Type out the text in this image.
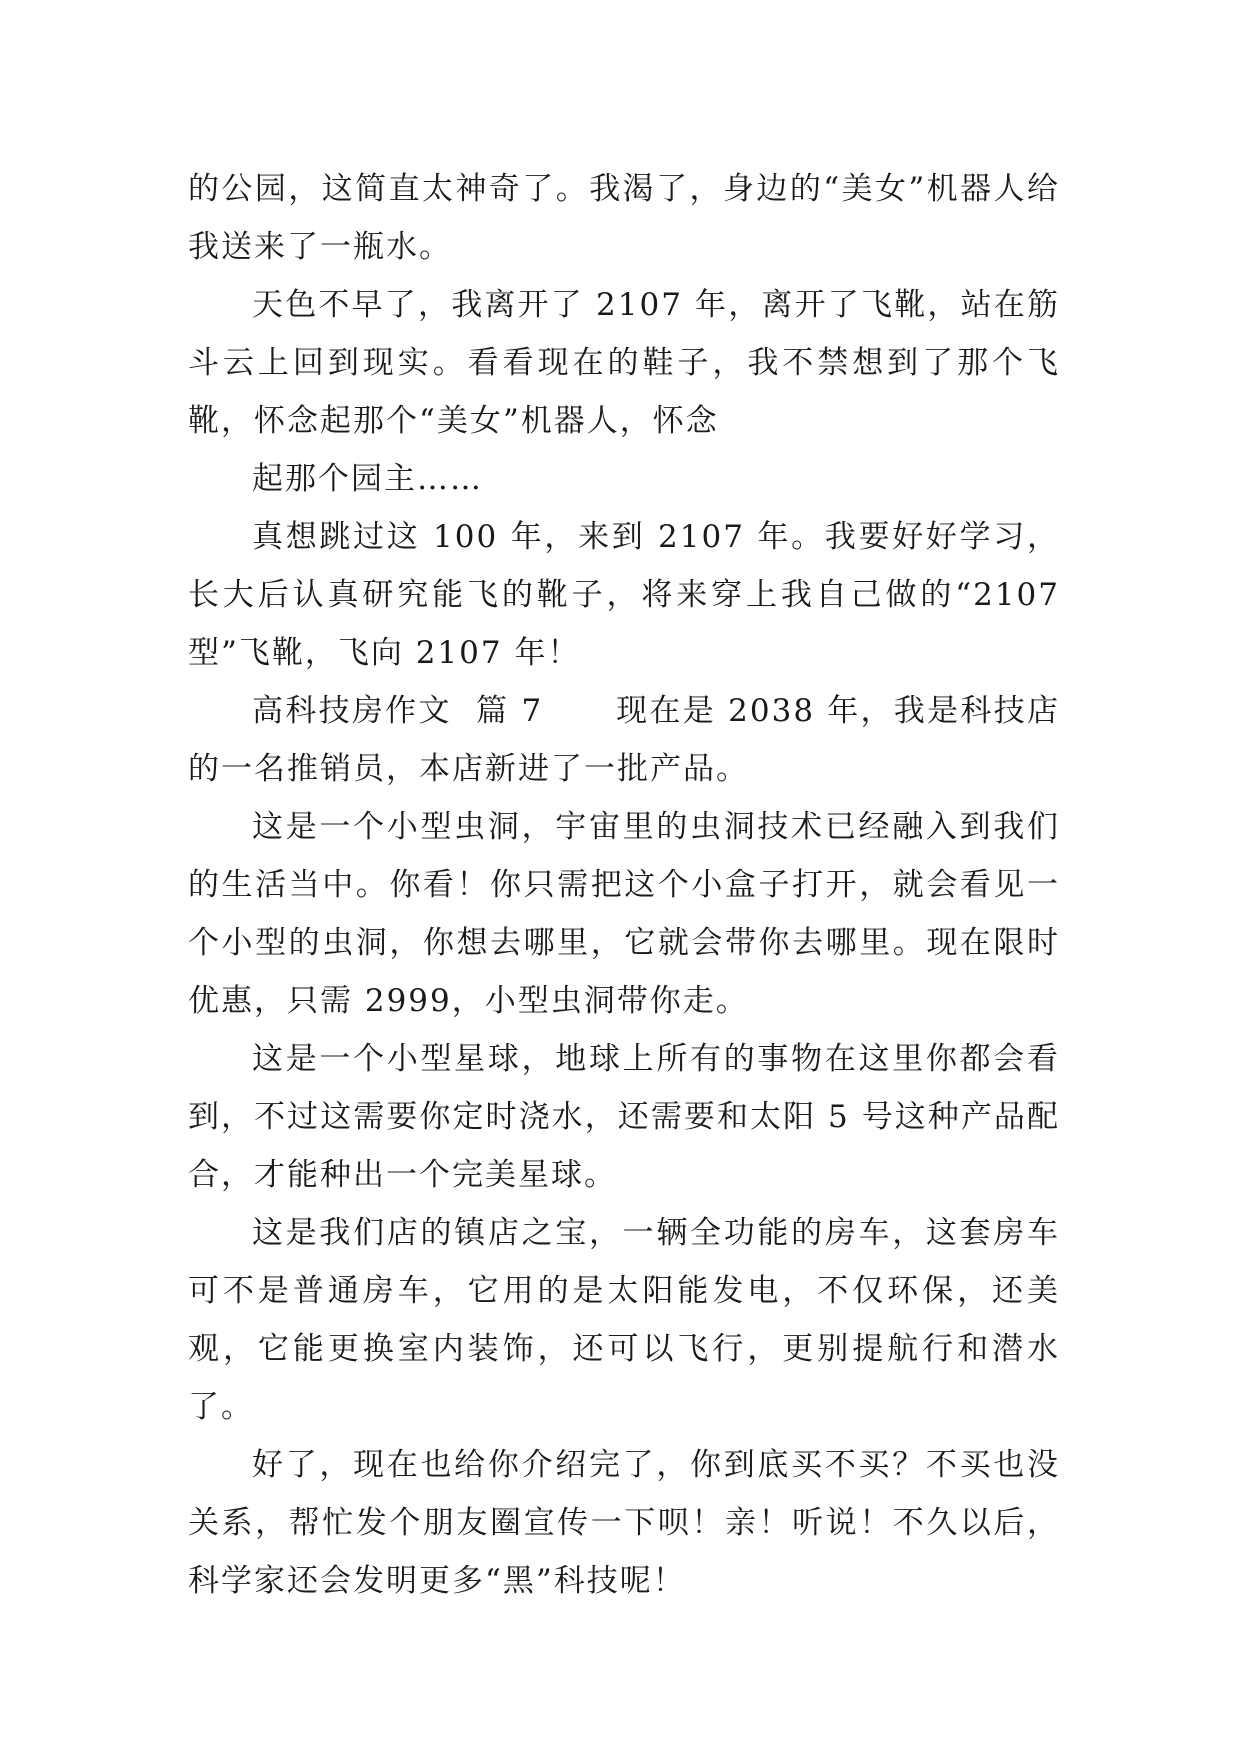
的公园，这简直太神奇了。我渴了，身边的“美女”机器人给我送来了一瓶水。

天色不早了，我离开了 2107 年，离开了飞靴，站在筋斗云上回到现实。看看现在的鞋子，我不禁想到了那个飞靴，怀念起那个“美女”机器人，怀念

起那个园主……

真想跳过这 100 年，来到 2107 年。我要好好学习，长大后认真研究能飞的靴子，将来穿上我自己做的“2107 型”飞靴，飞向 2107 年！

高科技房作文  篇 7      现在是 2038 年，我是科技店的一名推销员，本店新进了一批产品。

这是一个小型虫洞，宇宙里的虫洞技术已经融入到我们的生活当中。你看！你只需把这个小盒子打开，就会看见一个小型的虫洞，你想去哪里，它就会带你去哪里。现在限时优惠，只需 2999，小型虫洞带你走。

这是一个小型星球，地球上所有的事物在这里你都会看到，不过这需要你定时浇水，还需要和太阳 5 号这种产品配合，才能种出一个完美星球。

这是我们店的镇店之宝，一辆全功能的房车，这套房车可不是普通房车，它用的是太阳能发电，不仅环保，还美观，它能更换室内装饰，还可以飞行，更别提航行和潜水了。

好了，现在也给你介绍完了，你到底买不买？不买也没关系，帮忙发个朋友圈宣传一下呗！亲！听说！不久以后，科学家还会发明更多“黑”科技呢！
